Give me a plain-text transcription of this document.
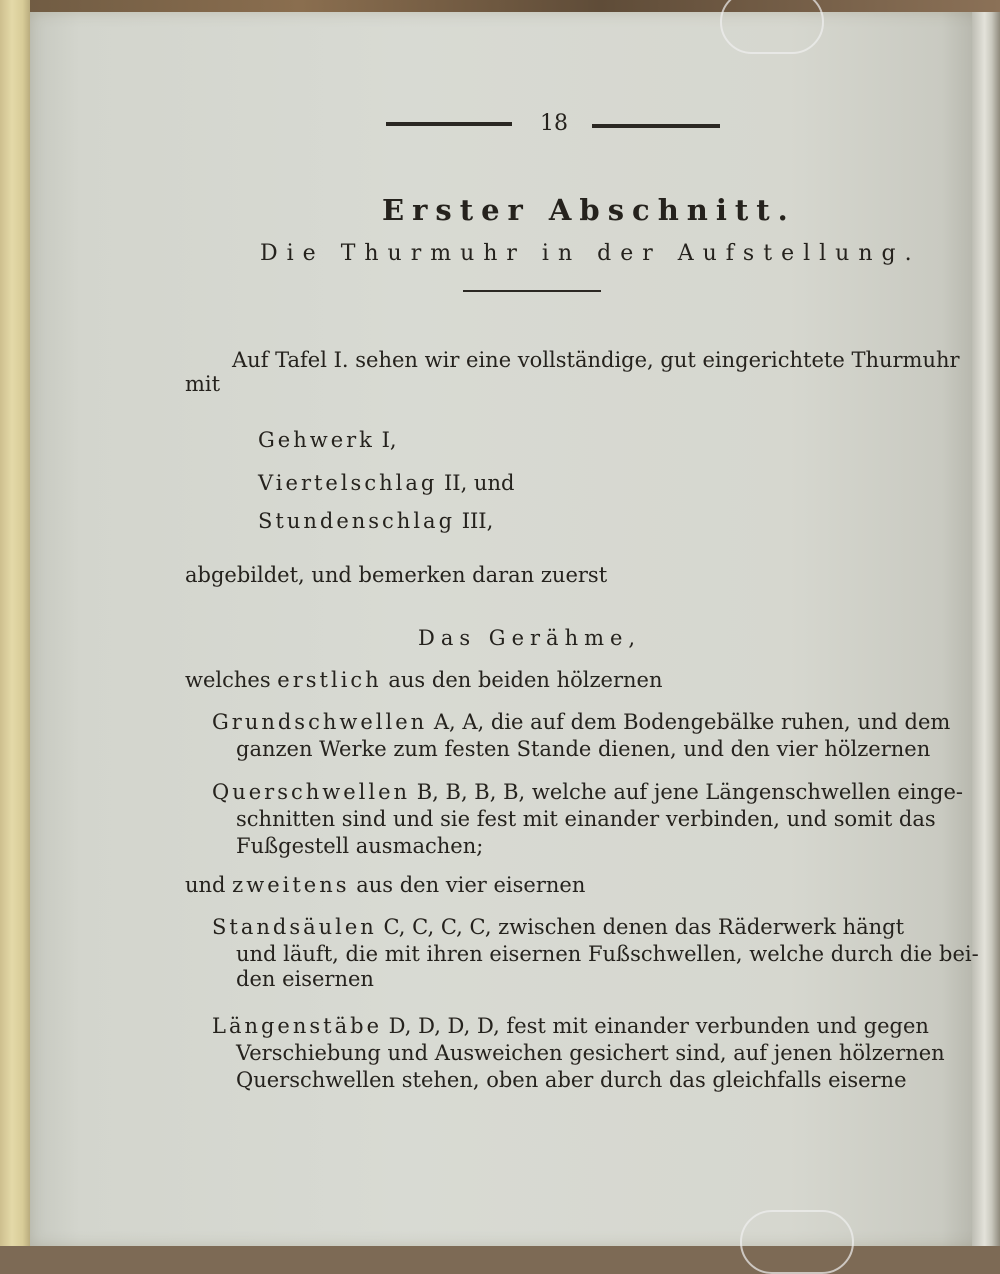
18
Erster Abschnitt.
Die Thurmuhr in der Aufstellung.
Auf Tafel I. sehen wir eine vollständige, gut eingerichtete Thurmuhr
mit
Gehwerk I,
Viertelschlag II, und
Stundenschlag III,
abgebildet, und bemerken daran zuerst
Das Gerähme,
welches erstlich aus den beiden hölzernen
Grundschwellen A, A, die auf dem Bodengebälke ruhen, und dem
ganzen Werke zum festen Stande dienen, und den vier hölzernen
Querschwellen B, B, B, B, welche auf jene Längenschwellen einge-
schnitten sind und sie fest mit einander verbinden, und somit das
Fußgestell ausmachen;
und zweitens aus den vier eisernen
Standsäulen C, C, C, C, zwischen denen das Räderwerk hängt
und läuft, die mit ihren eisernen Fußschwellen, welche durch die bei-
den eisernen
Längenstäbe D, D, D, D, fest mit einander verbunden und gegen
Verschiebung und Ausweichen gesichert sind, auf jenen hölzernen
Querschwellen stehen, oben aber durch das gleichfalls eiserne
